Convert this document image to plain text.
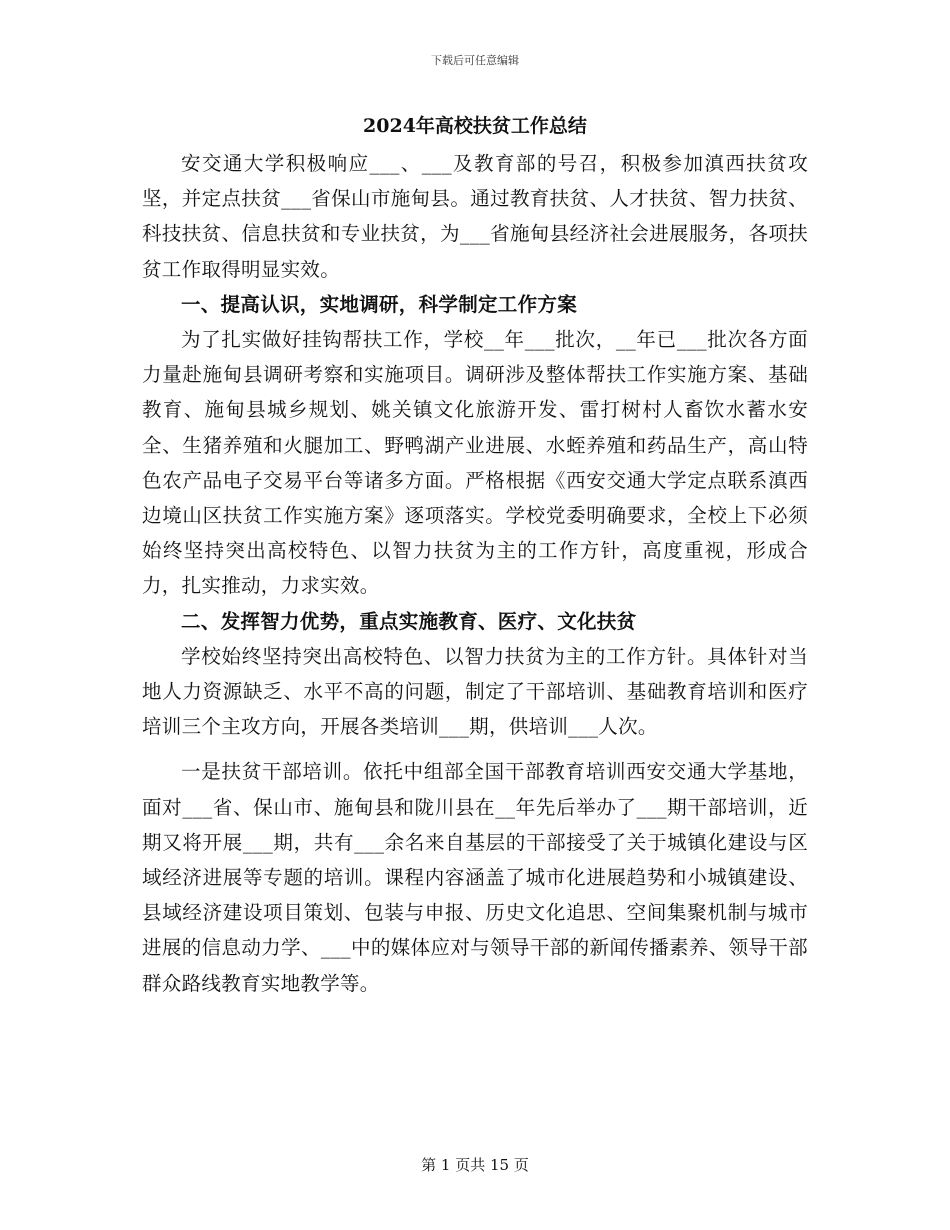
下载后可任意编辑
2024年高校扶贫工作总结

安交通大学积极响应___、___及教育部的号召，积极参加滇西扶贫攻坚，并定点扶贫___省保山市施甸县。通过教育扶贫、人才扶贫、智力扶贫、科技扶贫、信息扶贫和专业扶贫，为___省施甸县经济社会进展服务，各项扶贫工作取得明显实效。

一、提高认识，实地调研，科学制定工作方案

为了扎实做好挂钩帮扶工作，学校__年___批次，__年已___批次各方面力量赴施甸县调研考察和实施项目。调研涉及整体帮扶工作实施方案、基础教育、施甸县城乡规划、姚关镇文化旅游开发、雷打树村人畜饮水蓄水安全、生猪养殖和火腿加工、野鸭湖产业进展、水蛭养殖和药品生产，高山特色农产品电子交易平台等诸多方面。严格根据《西安交通大学定点联系滇西边境山区扶贫工作实施方案》逐项落实。学校党委明确要求，全校上下必须始终坚持突出高校特色、以智力扶贫为主的工作方针，高度重视，形成合力，扎实推动，力求实效。

二、发挥智力优势，重点实施教育、医疗、文化扶贫

学校始终坚持突出高校特色、以智力扶贫为主的工作方针。具体针对当地人力资源缺乏、水平不高的问题，制定了干部培训、基础教育培训和医疗培训三个主攻方向，开展各类培训___期，供培训___人次。

一是扶贫干部培训。依托中组部全国干部教育培训西安交通大学基地，面对___省、保山市、施甸县和陇川县在__年先后举办了___期干部培训，近期又将开展___期，共有___余名来自基层的干部接受了关于城镇化建设与区域经济进展等专题的培训。课程内容涵盖了城市化进展趋势和小城镇建设、县域经济建设项目策划、包装与申报、历史文化追思、空间集聚机制与城市进展的信息动力学、___中的媒体应对与领导干部的新闻传播素养、领导干部群众路线教育实地教学等。

第 1 页共 15 页
